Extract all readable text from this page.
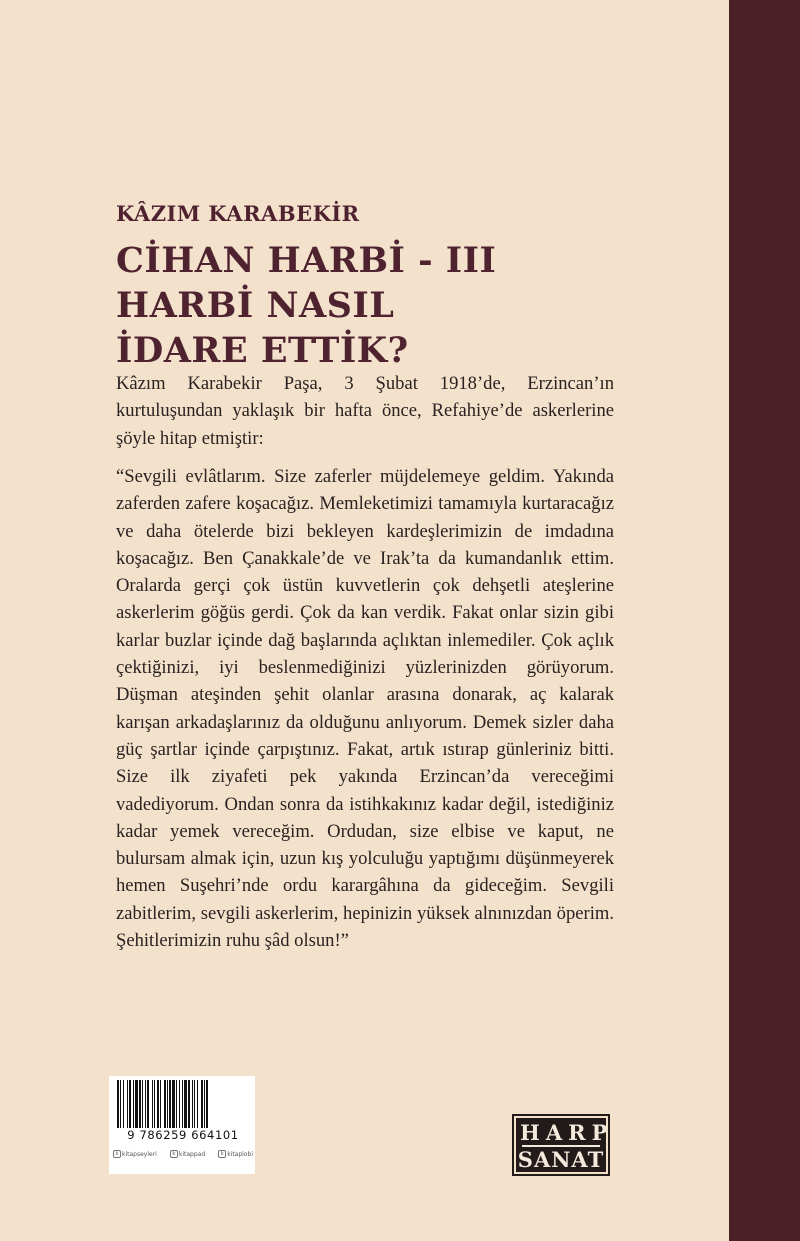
KÂZIM KARABEKİR
CİHAN HARBİ - III
HARBİ NASIL
İDARE ETTİK?
Kâzım Karabekir Paşa, 3 Şubat 1918’de, Erzincan’ın kurtuluşundan yaklaşık bir hafta önce, Refahiye’de askerlerine şöyle hitap etmiştir:
“Sevgili evlâtlarım. Size zaferler müjdelemeye geldim. Yakında zaferden zafere koşacağız. Memleketimizi tamamıyla kurtaracağız ve daha ötelerde bizi bekleyen kardeşlerimizin de imdadına koşacağız. Ben Çanakkale’de ve Irak’ta da kumandanlık ettim. Oralarda gerçi çok üstün kuvvetlerin çok dehşetli ateşlerine askerlerim göğüs gerdi. Çok da kan verdik. Fakat onlar sizin gibi karlar buzlar içinde dağ başlarında açlıktan inlemediler. Çok açlık çektiğinizi, iyi beslenmediğinizi yüzlerinizden görüyorum. Düşman ateşinden şehit olanlar arasına donarak, aç kalarak karışan arkadaşlarınız da olduğunu anlıyorum. Demek sizler daha güç şartlar içinde çarpıştınız. Fakat, artık ıstırap günleriniz bitti. Size ilk ziyafeti pek yakında Erzincan’da vereceğimi vadediyorum. Ondan sonra da istihkakınız kadar değil, istediğiniz kadar yemek vereceğim. Ordudan, size elbise ve kaput, ne bulursam almak için, uzun kış yolculuğu yaptığımı düşünmeyerek hemen Suşehri’nde ordu karargâhına da gideceğim. Sevgili zabitlerim, sevgili askerlerim, hepinizin yüksek alnınızdan öperim. Şehitlerimizin ruhu şâd olsun!”
9 786259 664101
k kitapseyleri	k kitappad	k kitaplobi
HARP
SANAT
